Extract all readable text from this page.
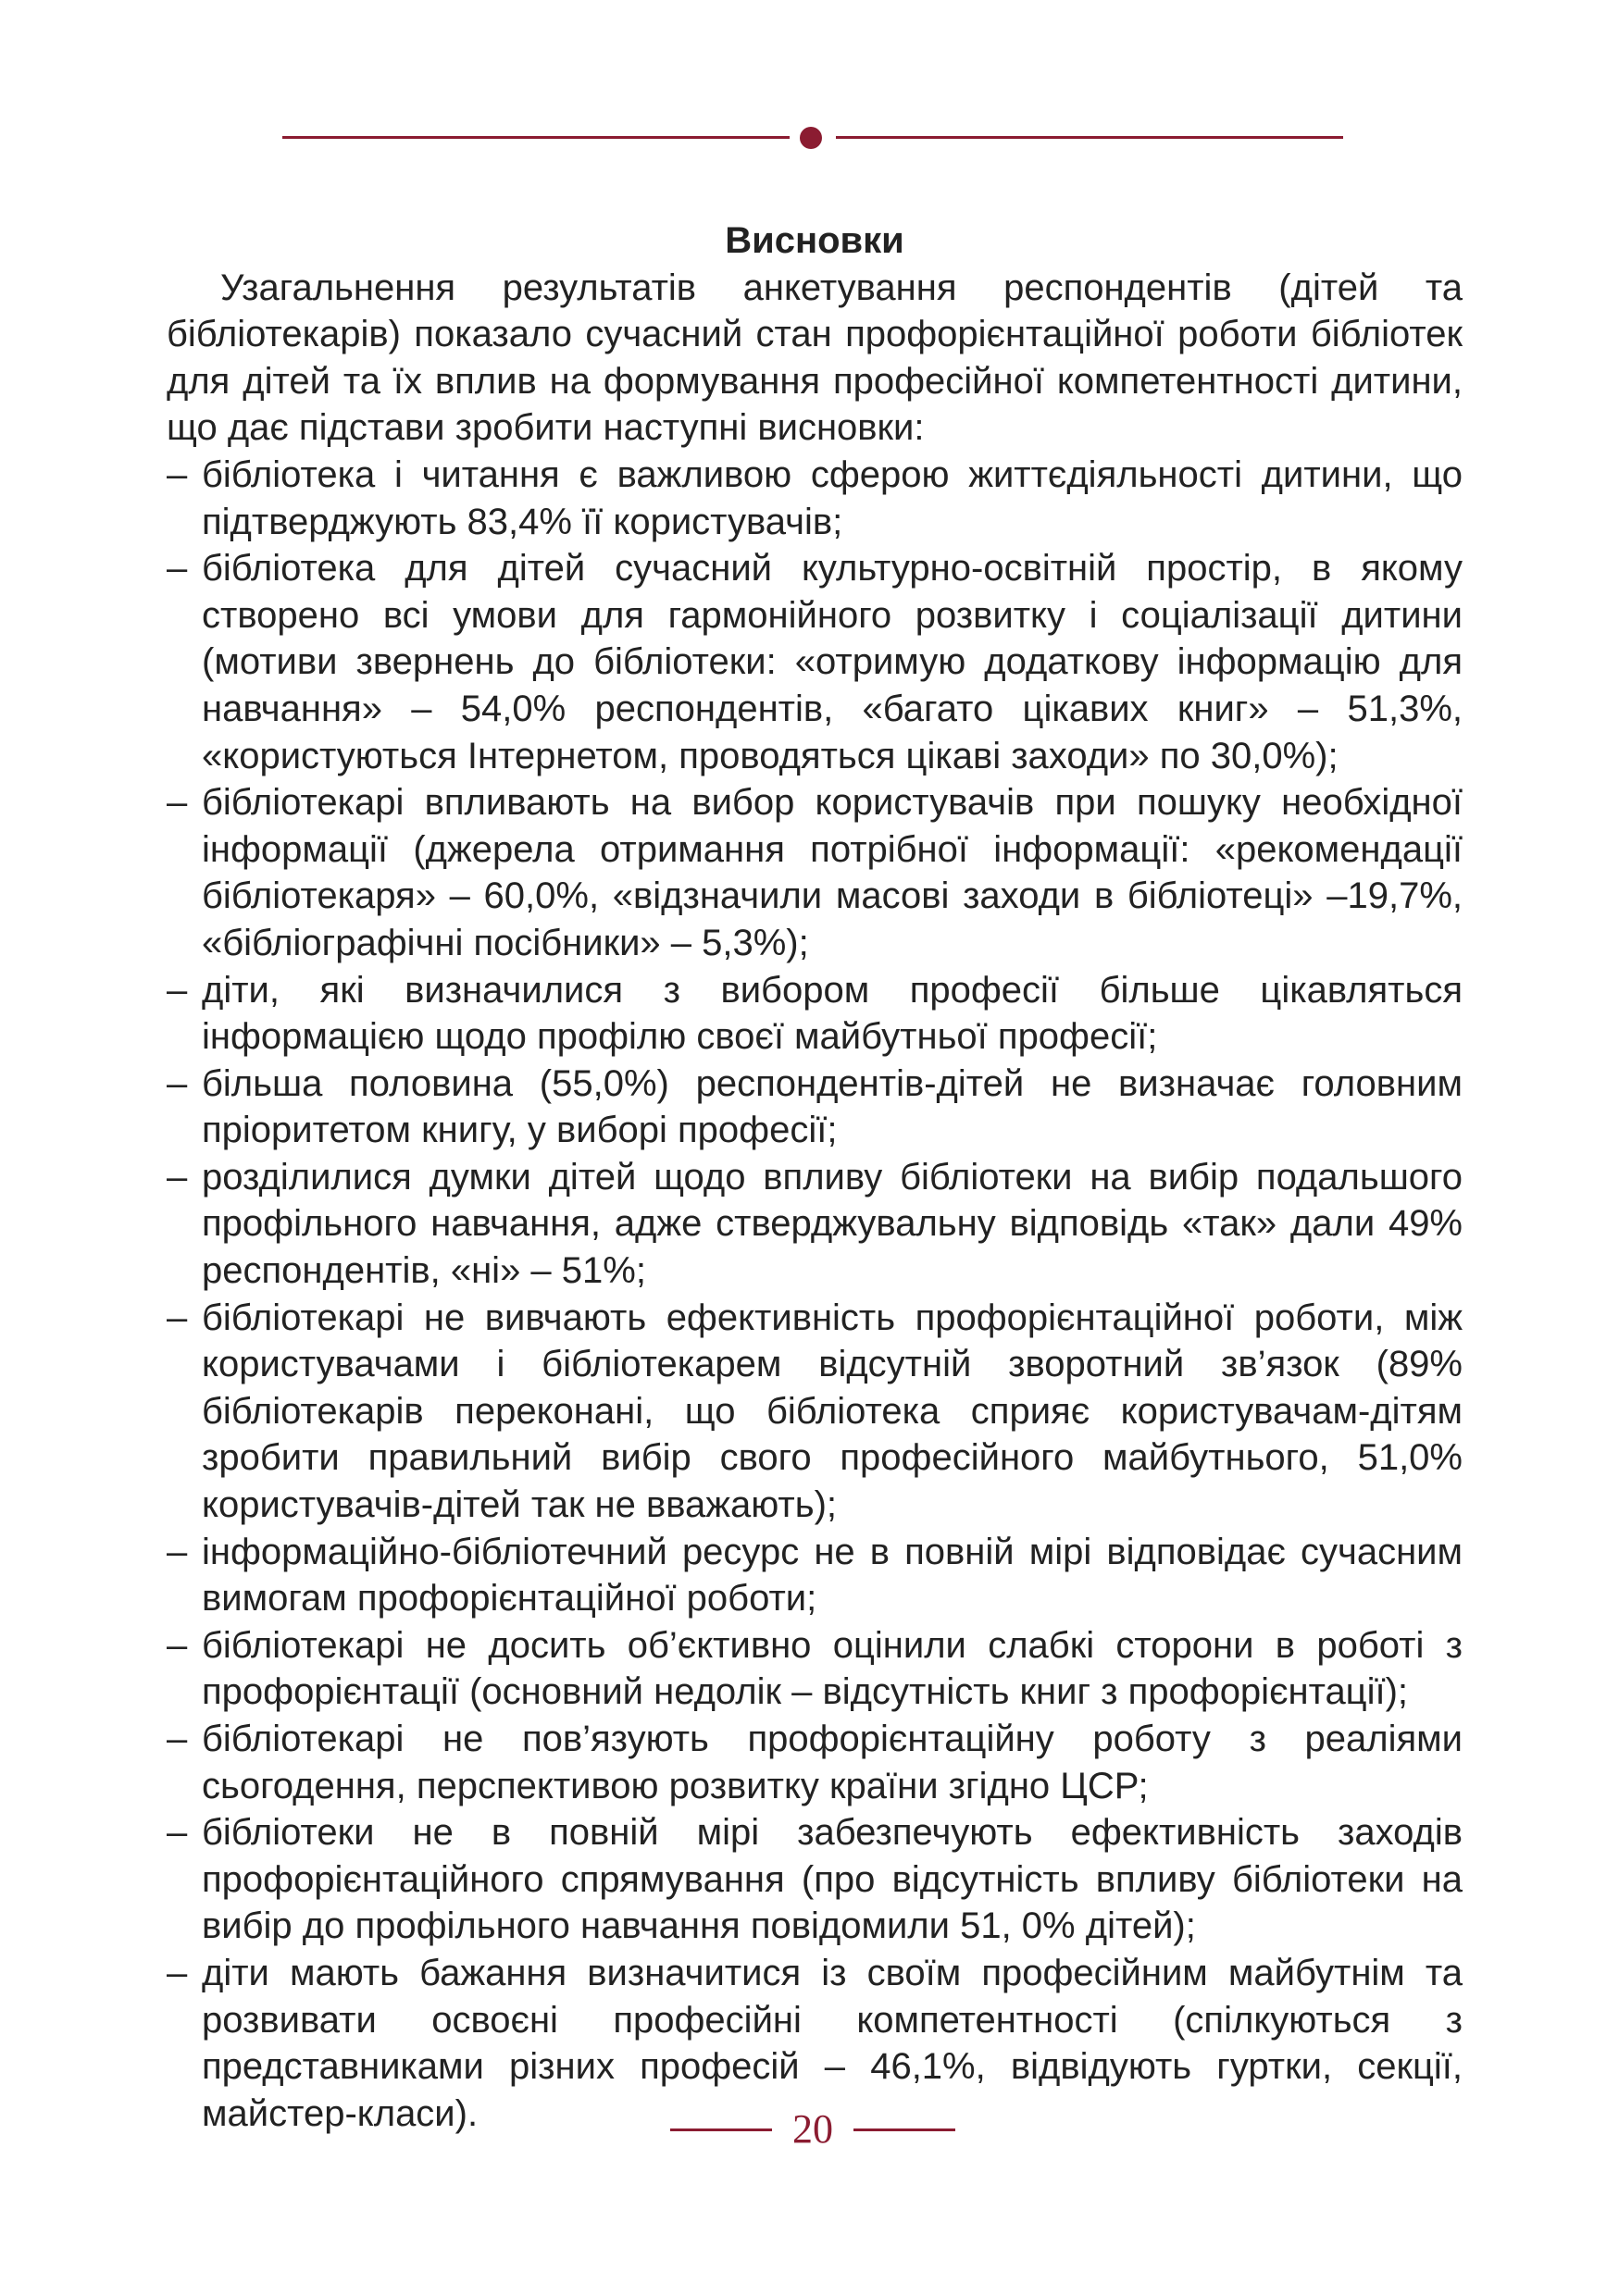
Висновки

Узагальнення результатів анкетування респондентів (дітей та бібліотекарів) показало сучасний стан профорієнтаційної роботи бібліотек для дітей та їх вплив на формування професійної компетентності дитини, що дає підстави зробити наступні висновки:

– бібліотека і читання є важливою сферою життєдіяльності дитини, що підтверджують 83,4% її користувачів;
– бібліотека для дітей сучасний культурно-освітній простір, в якому створено всі умови для гармонійного розвитку і соціалізації дитини (мотиви звернень до бібліотеки: «отримую додаткову інформацію для навчання» – 54,0% респондентів, «багато цікавих книг» – 51,3%, «користуються Інтернетом, проводяться цікаві заходи» по 30,0%);
– бібліотекарі впливають на вибор користувачів при пошуку необхідної інформації (джерела отримання потрібної інформації: «рекомендації бібліотекаря» – 60,0%, «відзначили масові заходи в бібліотеці» –19,7%, «бібліографічні посібники» – 5,3%);
– діти, які визначилися з вибором професії більше цікавляться інформацією щодо профілю своєї майбутньої професії;
– більша половина (55,0%) респондентів-дітей не визначає головним пріоритетом книгу, у виборі професії;
– розділилися думки дітей щодо впливу бібліотеки на вибір подальшого профільного навчання, адже стверджувальну відповідь «так» дали 49% респондентів, «ні» – 51%;
– бібліотекарі не вивчають ефективність профорієнтаційної роботи, між користувачами і бібліотекарем відсутній зворотний зв’язок (89% бібліотекарів переконані, що бібліотека сприяє користувачам-дітям зробити правильний вибір свого професійного майбутнього, 51,0% користувачів-дітей так не вважають);
– інформаційно-бібліотечний ресурс не в повній мірі відповідає сучасним вимогам профорієнтаційної роботи;
– бібліотекарі не досить об’єктивно оцінили слабкі сторони в роботі з профорієнтації (основний недолік – відсутність книг з профорієнтації);
– бібліотекарі не пов’язують профорієнтаційну роботу з реаліями сьогодення, перспективою розвитку країни згідно ЦСР;
– бібліотеки не в повній мірі забезпечують ефективність заходів профорієнтаційного спрямування (про відсутність впливу бібліотеки на вибір до профільного навчання повідомили 51, 0% дітей);
– діти мають бажання визначитися із своїм професійним майбутнім та розвивати освоєні професійні компетентності (спілкуються з представниками різних професій – 46,1%, відвідують гуртки, секції, майстер-класи).	20
